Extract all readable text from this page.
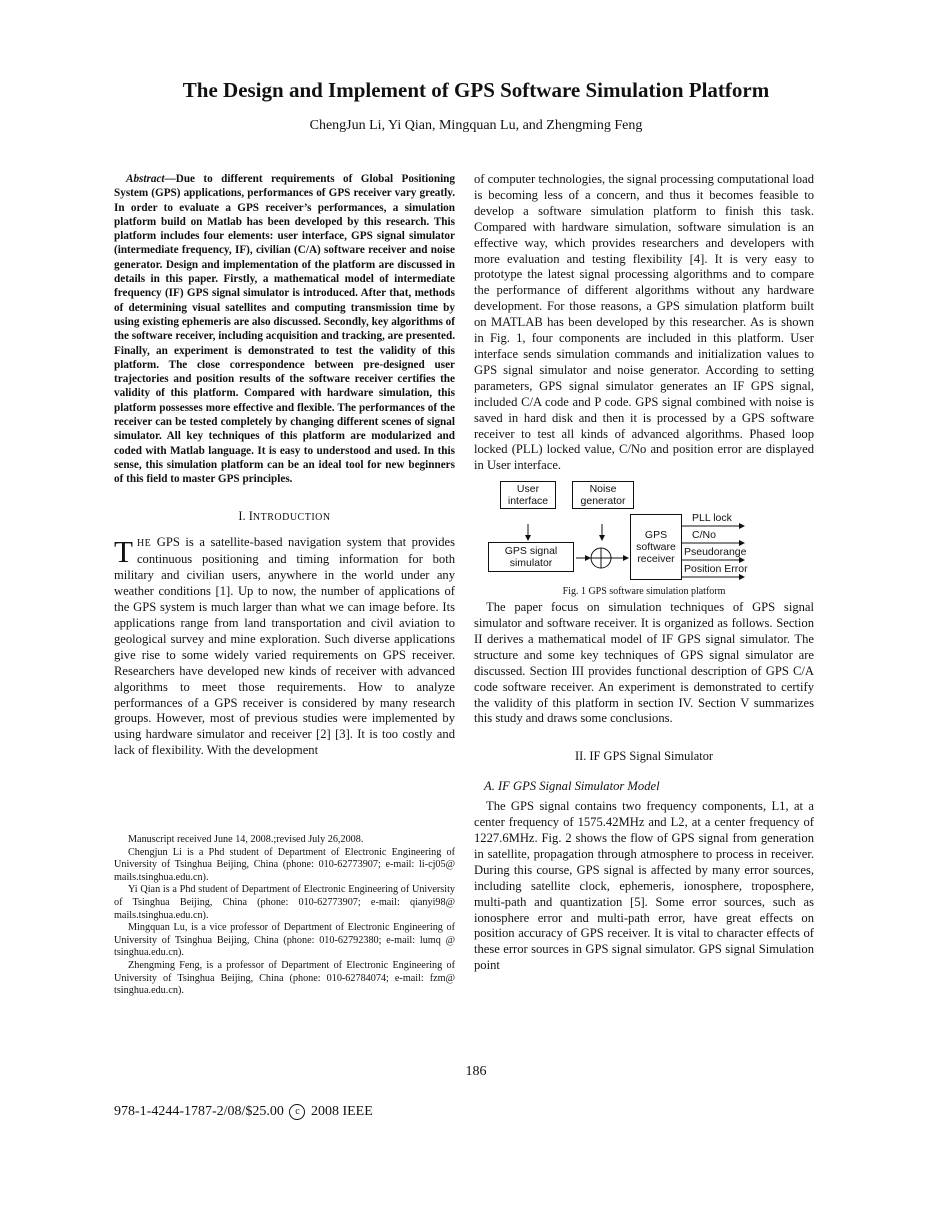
The Design and Implement of GPS Software Simulation Platform
ChengJun Li, Yi Qian, Mingquan Lu, and Zhengming Feng

Abstract—Due to different requirements of Global Positioning System (GPS) applications, performances of GPS receiver vary greatly. In order to evaluate a GPS receiver’s performances, a simulation platform build on Matlab has been developed by this research. This platform includes four elements: user interface, GPS signal simulator (intermediate frequency, IF), civilian (C/A) software receiver and noise generator. Design and implementation of the platform are discussed in details in this paper. Firstly, a mathematical model of intermediate frequency (IF) GPS signal simulator is introduced. After that, methods of determining visual satellites and computing transmission time by using existing ephemeris are also discussed. Secondly, key algorithms of the software receiver, including acquisition and tracking, are presented. Finally, an experiment is demonstrated to test the validity of this platform. The close correspondence between pre-designed user trajectories and position results of the software receiver certifies the validity of this platform. Compared with hardware simulation, this platform possesses more effective and flexible. The performances of the receiver can be tested completely by changing different scenes of signal simulator. All key techniques of this platform are modularized and coded with Matlab language. It is easy to understood and used. In this sense, this simulation platform can be an ideal tool for new beginners of this field to master GPS principles.

I. INTRODUCTION

THE GPS is a satellite-based navigation system that provides continuous positioning and timing information for both military and civilian users, anywhere in the world under any weather conditions [1]. Up to now, the number of applications of the GPS system is much larger than what we can image before. Its applications range from land transportation and civil aviation to geological survey and mine exploration. Such diverse applications give rise to some widely varied requirements on GPS receiver. Researchers have developed new kinds of receiver with advanced algorithms to meet those requirements. How to analyze performances of a GPS receiver is considered by many research groups. However, most of previous studies were implemented by using hardware simulator and receiver [2] [3]. It is too costly and lack of flexibility. With the development

Manuscript received June 14, 2008.;revised July 26,2008.

Chengjun Li is a Phd student of Department of Electronic Engineering of University of Tsinghua Beijing, China (phone: 010-62773907; e-mail: li-cj05@ mails.tsinghua.edu.cn).

Yi Qian is a Phd student of Department of Electronic Engineering of University of Tsinghua Beijing, China (phone: 010-62773907; e-mail: qianyi98@ mails.tsinghua.edu.cn).

Mingquan Lu, is a vice professor of Department of Electronic Engineering of University of Tsinghua Beijing, China (phone: 010-62792380; e-mail: lumq @ tsinghua.edu.cn).

Zhengming Feng, is a professor of Department of Electronic Engineering of University of Tsinghua Beijing, China (phone: 010-62784074; e-mail: fzm@ tsinghua.edu.cn).

of computer technologies, the signal processing computational load is becoming less of a concern, and thus it becomes feasible to develop a software simulation platform to finish this task. Compared with hardware simulation, software simulation is an effective way, which provides researchers and developers with more evaluation and testing flexibility [4]. It is very easy to prototype the latest signal processing algorithms and to compare the performance of different algorithms without any hardware development. For those reasons, a GPS simulation platform built on MATLAB has been developed by this researcher. As is shown in Fig. 1, four components are included in this platform. User interface sends simulation commands and initialization values to GPS signal simulator and noise generator. According to setting parameters, GPS signal simulator generates an IF GPS signal, included C/A code and P code. GPS signal combined with noise is saved in hard disk and then it is processed by a GPS software receiver to test all kinds of advanced algorithms. Phased loop locked (PLL) locked value, C/No and position error are displayed in User interface.

User
interface
Noise
generator
GPS signal
simulator
GPS
software
receiver
PLL lock
C/No
Pseudorange
Position Error
Fig. 1 GPS software simulation platform

The paper focus on simulation techniques of GPS signal simulator and software receiver. It is organized as follows. Section II derives a mathematical model of IF GPS signal simulator. The structure and some key techniques of GPS signal simulator are discussed. Section III provides functional description of GPS C/A code software receiver. An experiment is demonstrated to certify the validity of this platform in section IV. Section V summarizes this study and draws some conclusions.

II. IF GPS Signal Simulator
A. IF GPS Signal Simulator Model

The GPS signal contains two frequency components, L1, at a center frequency of 1575.42MHz and L2, at a center frequency of 1227.6MHz. Fig. 2 shows the flow of GPS signal from generation in satellite, propagation through atmosphere to process in receiver. During this course, GPS signal is affected by many error sources, including satellite clock, ephemeris, ionosphere, troposphere, multi-path and quantization [5]. Some error sources, such as ionosphere error and multi-path error, have great effects on position accuracy of GPS receiver. It is vital to character effects of these error sources in GPS signal simulator. GPS signal Simulation point

186
978-1-4244-1787-2/08/$25.00 c 2008 IEEE
